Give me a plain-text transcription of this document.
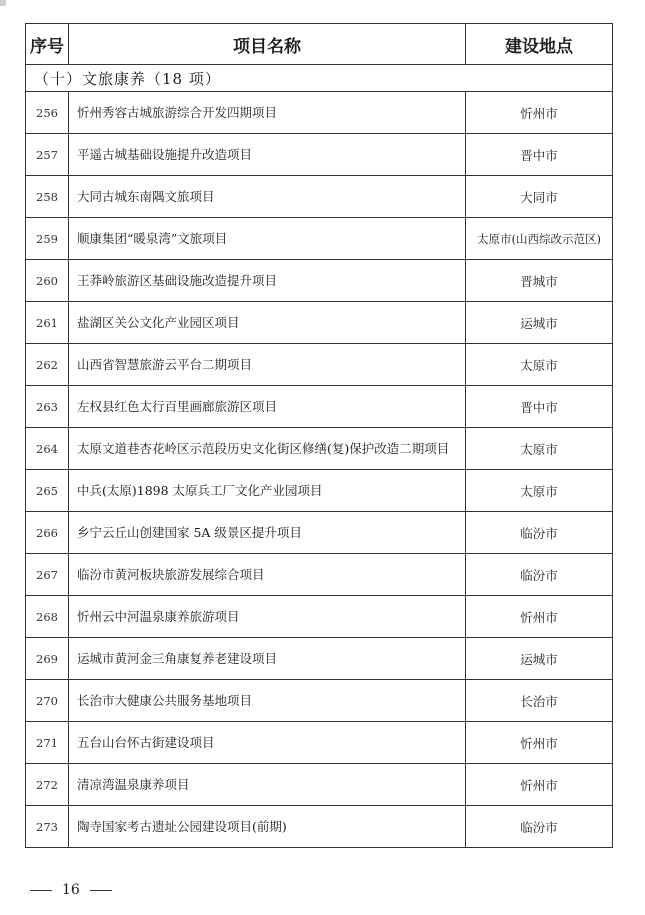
序号	项目名称	建设地点
（十）文旅康养（18 项）		
256	忻州秀容古城旅游综合开发四期项目	忻州市
257	平遥古城基础设施提升改造项目	晋中市
258	大同古城东南隅文旅项目	大同市
259	顺康集团“暖泉湾”文旅项目	太原市(山西综改示范区)
260	王莽岭旅游区基础设施改造提升项目	晋城市
261	盐湖区关公文化产业园区项目	运城市
262	山西省智慧旅游云平台二期项目	太原市
263	左权县红色太行百里画廊旅游区项目	晋中市
264	太原文道巷杏花岭区示范段历史文化街区修缮(复)保护改造二期项目	太原市
265	中兵(太原)1898 太原兵工厂文化产业园项目	太原市
266	乡宁云丘山创建国家 5A 级景区提升项目	临汾市
267	临汾市黄河板块旅游发展综合项目	临汾市
268	忻州云中河温泉康养旅游项目	忻州市
269	运城市黄河金三角康复养老建设项目	运城市
270	长治市大健康公共服务基地项目	长治市
271	五台山台怀古街建设项目	忻州市
272	清凉湾温泉康养项目	忻州市
273	陶寺国家考古遗址公园建设项目(前期)	临汾市
16
